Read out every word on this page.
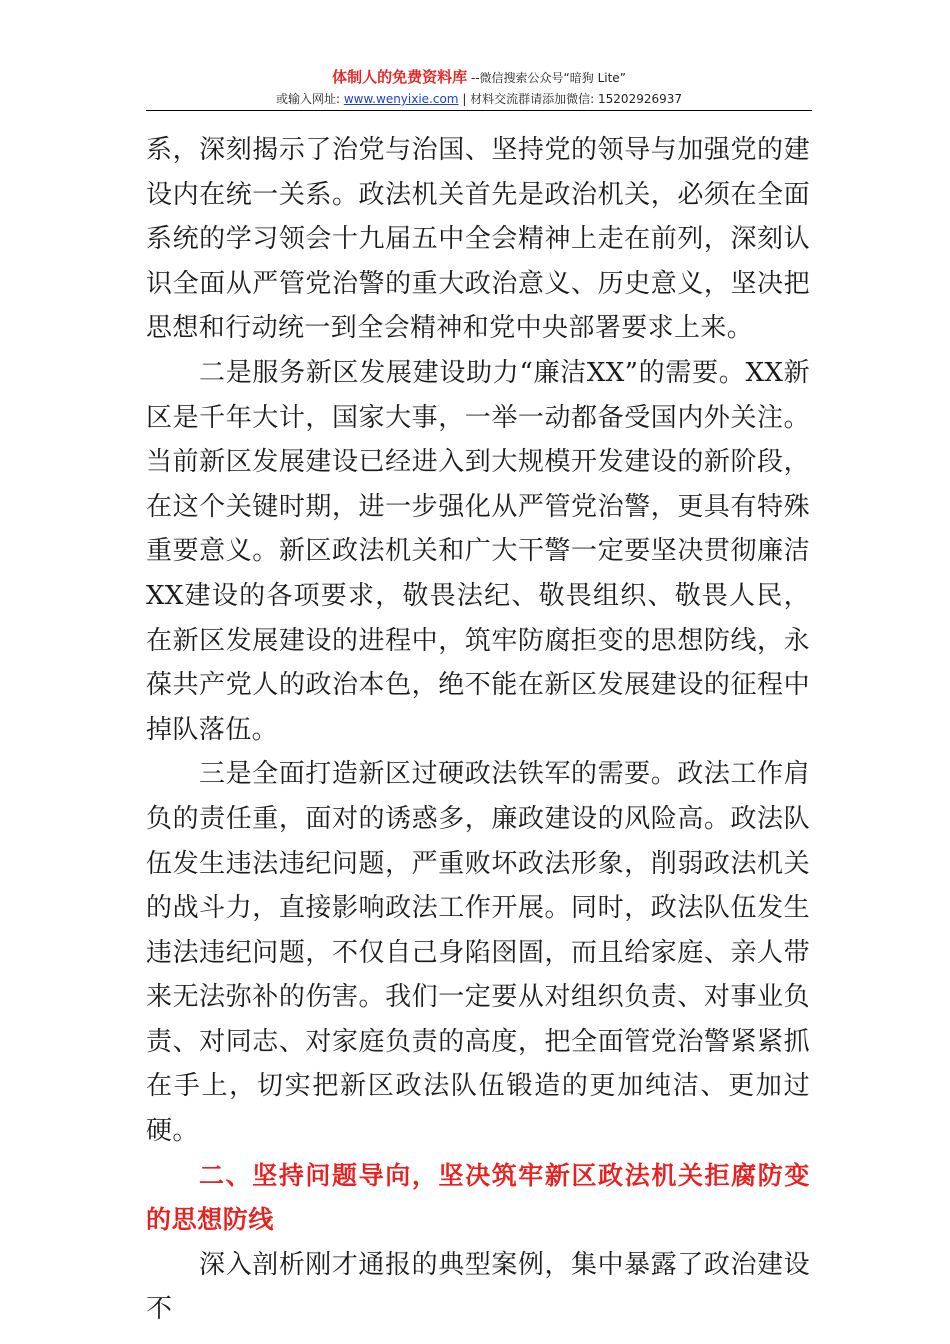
体制人的免费资料库 --微信搜索公众号“暗狗 Lite”
或输入网址: www.wenyixie.com | 材料交流群请添加微信: 15202926937

系，深刻揭示了治党与治国、坚持党的领导与加强党的建设内在统一关系。政法机关首先是政治机关，必须在全面系统的学习领会十九届五中全会精神上走在前列，深刻认识全面从严管党治警的重大政治意义、历史意义，坚决把思想和行动统一到全会精神和党中央部署要求上来。

二是服务新区发展建设助力“廉洁XX”的需要。XX新区是千年大计，国家大事，一举一动都备受国内外关注。当前新区发展建设已经进入到大规模开发建设的新阶段，在这个关键时期，进一步强化从严管党治警，更具有特殊重要意义。新区政法机关和广大干警一定要坚决贯彻廉洁XX建设的各项要求，敬畏法纪、敬畏组织、敬畏人民，在新区发展建设的进程中，筑牢防腐拒变的思想防线，永葆共产党人的政治本色，绝不能在新区发展建设的征程中掉队落伍。

三是全面打造新区过硬政法铁军的需要。政法工作肩负的责任重，面对的诱惑多，廉政建设的风险高。政法队伍发生违法违纪问题，严重败坏政法形象，削弱政法机关的战斗力，直接影响政法工作开展。同时，政法队伍发生违法违纪问题，不仅自己身陷囹圄，而且给家庭、亲人带来无法弥补的伤害。我们一定要从对组织负责、对事业负责、对同志、对家庭负责的高度，把全面管党治警紧紧抓在手上，切实把新区政法队伍锻造的更加纯洁、更加过硬。

二、坚持问题导向，坚决筑牢新区政法机关拒腐防变的思想防线

深入剖析刚才通报的典型案例，集中暴露了政治建设不
